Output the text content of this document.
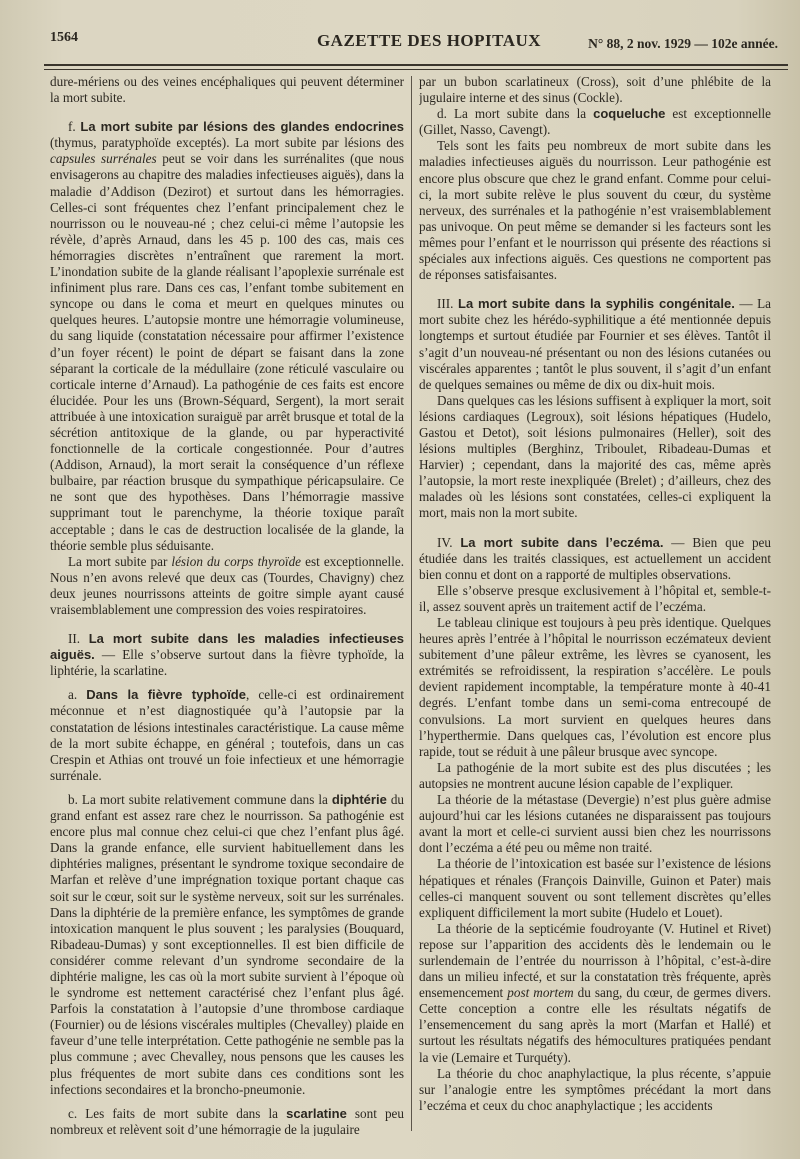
1564	GAZETTE DES HOPITAUX	N° 88, 2 nov. 1929 — 102e année.

dure-mériens ou des veines encéphaliques qui peuvent déterminer la mort subite.

f. La mort subite par lésions des glandes endocrines (thymus, paratyphoïde exceptés). La mort subite par lésions des capsules surrénales peut se voir dans les surrénalites (que nous envisagerons au chapitre des maladies infectieuses aiguës), dans la maladie d’Addison (Dezirot) et surtout dans les hémorragies. Celles-ci sont fréquentes chez l’enfant principalement chez le nourrisson ou le nouveau-né ; chez celui-ci même l’autopsie les révèle, d’après Arnaud, dans les 45 p. 100 des cas, mais ces hémorragies discrètes n’entraînent que rarement la mort. L’inondation subite de la glande réalisant l’apoplexie surrénale est infiniment plus rare. Dans ces cas, l’enfant tombe subitement en syncope ou dans le coma et meurt en quelques minutes ou quelques heures. L’autopsie montre une hémorragie volumineuse, du sang liquide (constatation nécessaire pour affirmer l’existence d’un foyer récent) le point de départ se faisant dans la zone séparant la corticale de la médullaire (zone réticulé vasculaire ou corticale interne d’Arnaud). La pathogénie de ces faits est encore élucidée. Pour les uns (Brown-Séquard, Sergent), la mort serait attribuée à une intoxication suraiguë par arrêt brusque et total de la sécrétion antitoxique de la glande, ou par hyperactivité fonctionnelle de la corticale congestionnée. Pour d’autres (Addison, Arnaud), la mort serait la conséquence d’un réflexe bulbaire, par réaction brusque du sympathique péricapsulaire. Ce ne sont que des hypothèses. Dans l’hémorragie massive supprimant tout le parenchyme, la théorie toxique paraît acceptable ; dans le cas de destruction localisée de la glande, la théorie semble plus séduisante.

La mort subite par lésion du corps thyroïde est exceptionnelle. Nous n’en avons relevé que deux cas (Tourdes, Chavigny) chez deux jeunes nourrissons atteints de goitre simple ayant causé vraisemblablement une compression des voies respiratoires.

II. La mort subite dans les maladies infectieuses aiguës. — Elle s’observe surtout dans la fièvre typhoïde, la liphtérie, la scarlatine.

a. Dans la fièvre typhoïde, celle-ci est ordinairement méconnue et n’est diagnostiquée qu’à l’autopsie par la constatation de lésions intestinales caractéristique. La cause même de la mort subite échappe, en général ; toutefois, dans un cas Crespin et Athias ont trouvé un foie infectieux et une hémorragie surrénale.

b. La mort subite relativement commune dans la diphtérie du grand enfant est assez rare chez le nourrisson. Sa pathogénie est encore plus mal connue chez celui-ci que chez l’enfant plus âgé. Dans la grande enfance, elle survient habituellement dans les diphtéries malignes, présentant le syndrome toxique secondaire de Marfan et relève d’une imprégnation toxique portant chaque cas soit sur le cœur, soit sur le système nerveux, soit sur les surrénales. Dans la diphtérie de la première enfance, les symptômes de grande intoxication manquent le plus souvent ; les paralysies (Bouquard, Ribadeau-Dumas) y sont exceptionnelles. Il est bien difficile de considérer comme relevant d’un syndrome secondaire de la diphtérie maligne, les cas où la mort subite survient à l’époque où le syndrome est nettement caractérisé chez l’enfant plus âgé. Parfois la constatation à l’autopsie d’une thrombose cardiaque (Fournier) ou de lésions viscérales multiples (Chevalley) plaide en faveur d’une telle interprétation. Cette pathogénie ne semble pas la plus commune ; avec Chevalley, nous pensons que les causes les plus fréquentes de mort subite dans ces conditions sont les infections secondaires et la broncho-pneumonie.

c. Les faits de mort subite dans la scarlatine sont peu nombreux et relèvent soit d’une hémorragie de la jugulaire

par un bubon scarlatineux (Cross), soit d’une phlébite de la jugulaire interne et des sinus (Cockle).

d. La mort subite dans la coqueluche est exceptionnelle (Gillet, Nasso, Cavengt).

Tels sont les faits peu nombreux de mort subite dans les maladies infectieuses aiguës du nourrisson. Leur pathogénie est encore plus obscure que chez le grand enfant. Comme pour celui-ci, la mort subite relève le plus souvent du cœur, du système nerveux, des surrénales et la pathogénie n’est vraisemblablement pas univoque. On peut même se demander si les facteurs sont les mêmes pour l’enfant et le nourrisson qui présente des réactions si spéciales aux infections aiguës. Ces questions ne comportent pas de réponses satisfaisantes.

III. La mort subite dans la syphilis congénitale. — La mort subite chez les hérédo-syphilitique a été mentionnée depuis longtemps et surtout étudiée par Fournier et ses élèves. Tantôt il s’agit d’un nouveau-né présentant ou non des lésions cutanées ou viscérales apparentes ; tantôt le plus souvent, il s’agit d’un enfant de quelques semaines ou même de dix ou dix-huit mois.

Dans quelques cas les lésions suffisent à expliquer la mort, soit lésions cardiaques (Legroux), soit lésions hépatiques (Hudelo, Gastou et Detot), soit lésions pulmonaires (Heller), soit des lésions multiples (Berghinz, Triboulet, Ribadeau-Dumas et Harvier) ; cependant, dans la majorité des cas, même après l’autopsie, la mort reste inexpliquée (Brelet) ; d’ailleurs, chez des malades où les lésions sont constatées, celles-ci expliquent la mort, mais non la mort subite.

IV. La mort subite dans l’eczéma. — Bien que peu étudiée dans les traités classiques, est actuellement un accident bien connu et dont on a rapporté de multiples observations.

Elle s’observe presque exclusivement à l’hôpital et, semble-t-il, assez souvent après un traitement actif de l’eczéma.

Le tableau clinique est toujours à peu près identique. Quelques heures après l’entrée à l’hôpital le nourrisson eczémateux devient subitement d’une pâleur extrême, les lèvres se cyanosent, les extrémités se refroidissent, la respiration s’accélère. Le pouls devient rapidement incomptable, la température monte à 40-41 degrés. L’enfant tombe dans un semi-coma entrecoupé de convulsions. La mort survient en quelques heures dans l’hyperthermie. Dans quelques cas, l’évolution est encore plus rapide, tout se réduit à une pâleur brusque avec syncope.

La pathogénie de la mort subite est des plus discutées ; les autopsies ne montrent aucune lésion capable de l’expliquer.

La théorie de la métastase (Devergie) n’est plus guère admise aujourd’hui car les lésions cutanées ne disparaissent pas toujours avant la mort et celle-ci survient aussi bien chez les nourrissons dont l’eczéma a été peu ou même non traité.

La théorie de l’intoxication est basée sur l’existence de lésions hépatiques et rénales (François Dainville, Guinon et Pater) mais celles-ci manquent souvent ou sont tellement discrètes qu’elles expliquent difficilement la mort subite (Hudelo et Louet).

La théorie de la septicémie foudroyante (V. Hutinel et Rivet) repose sur l’apparition des accidents dès le lendemain ou le surlendemain de l’entrée du nourrisson à l’hôpital, c’est-à-dire dans un milieu infecté, et sur la constatation très fréquente, après ensemencement post mortem du sang, du cœur, de germes divers. Cette conception a contre elle les résultats négatifs de l’ensemencement du sang après la mort (Marfan et Hallé) et surtout les résultats négatifs des hémocultures pratiquées pendant la vie (Lemaire et Turquéty).

La théorie du choc anaphylactique, la plus récente, s’appuie sur l’analogie entre les symptômes précédant la mort dans l’eczéma et ceux du choc anaphylactique ; les accidents
